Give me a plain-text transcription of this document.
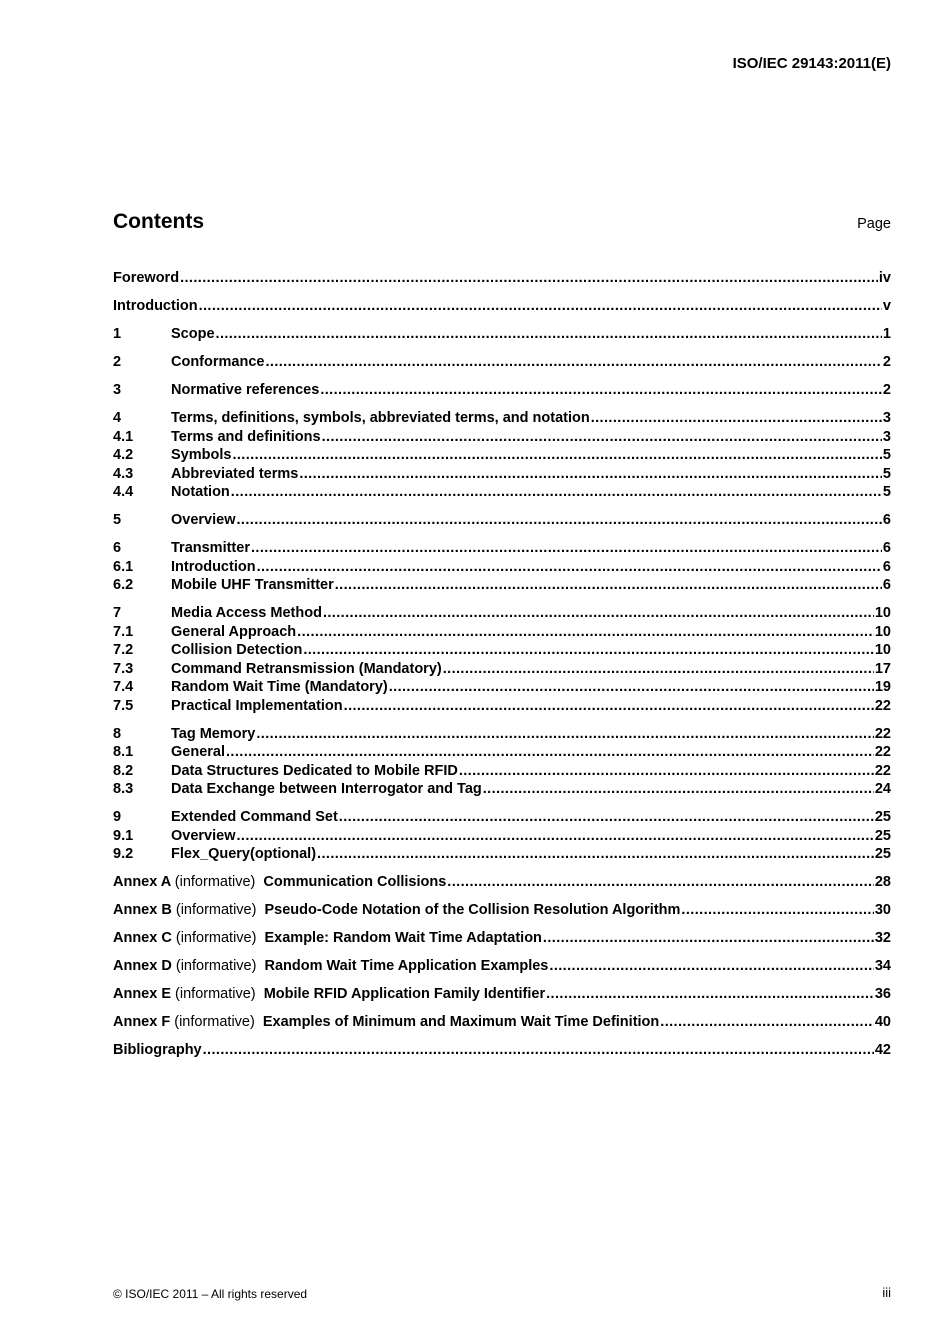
ISO/IEC 29143:2011(E)
Contents	Page
Foreword .....	iv
Introduction .....	v
1	Scope .....	1
2	Conformance .....	2
3	Normative references .....	2
4	Terms, definitions, symbols, abbreviated terms, and notation .....	3
4.1	Terms and definitions .....	3
4.2	Symbols .....	5
4.3	Abbreviated terms .....	5
4.4	Notation .....	5
5	Overview .....	6
6	Transmitter .....	6
6.1	Introduction .....	6
6.2	Mobile UHF Transmitter .....	6
7	Media Access Method .....	10
7.1	General Approach .....	10
7.2	Collision Detection .....	10
7.3	Command Retransmission (Mandatory) .....	17
7.4	Random Wait Time (Mandatory) .....	19
7.5	Practical Implementation .....	22
8	Tag Memory .....	22
8.1	General .....	22
8.2	Data Structures Dedicated to Mobile RFID .....	22
8.3	Data Exchange between Interrogator and Tag .....	24
9	Extended Command Set .....	25
9.1	Overview .....	25
9.2	Flex_Query(optional) .....	25
Annex A (informative) Communication Collisions .....	28
Annex B (informative) Pseudo-Code Notation of the Collision Resolution Algorithm .....	30
Annex C (informative) Example: Random Wait Time Adaptation .....	32
Annex D (informative) Random Wait Time Application Examples .....	34
Annex E (informative) Mobile RFID Application Family Identifier .....	36
Annex F (informative) Examples of Minimum and Maximum Wait Time Definition .....	40
Bibliography .....	42
© ISO/IEC 2011 – All rights reserved	iii
